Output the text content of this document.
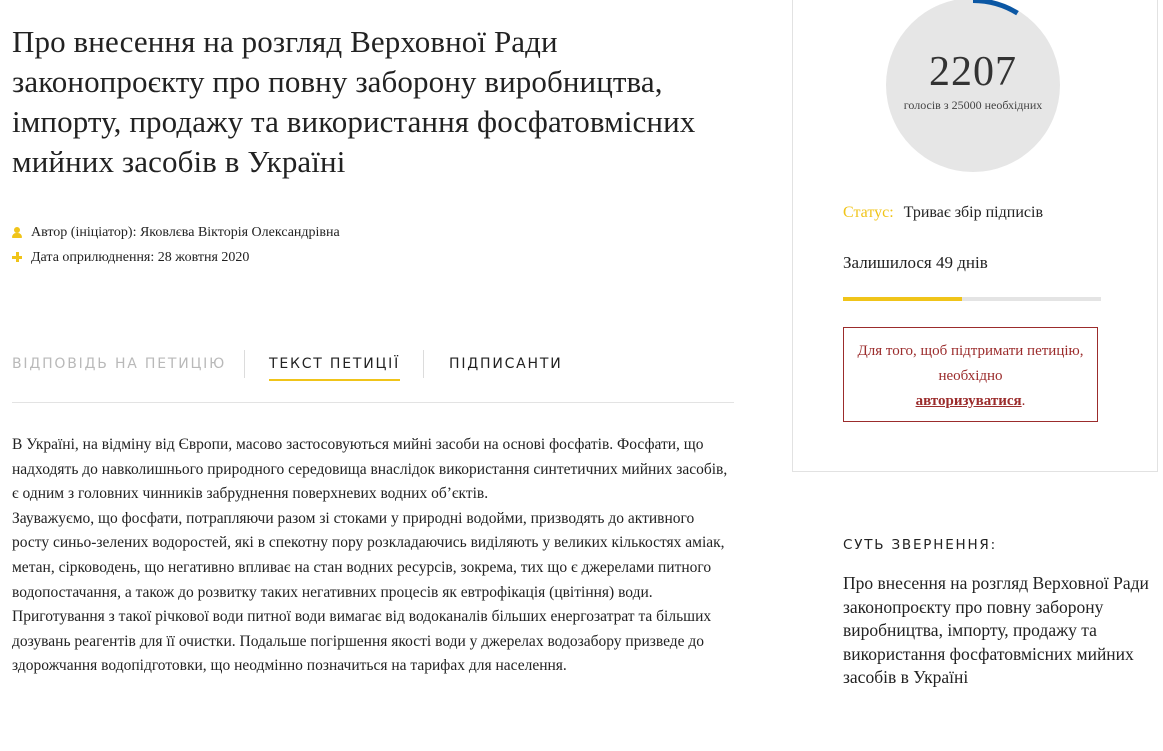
Про внесення на розгляд Верховної Ради законопроєкту про повну заборону виробництва, імпорту, продажу та використання фосфатовмісних мийних засобів в Україні
Автор (ініціатор): Яковлєва Вікторія Олександрівна
Дата оприлюднення: 28 жовтня 2020
ВІДПОВІДЬ НА ПЕТИЦІЮ	ТЕКСТ ПЕТИЦІЇ	ПІДПИСАНТИ

В Україні, на відміну від Європи, масово застосовуються мийні засоби на основі фосфатів. Фосфати, що надходять до навколишнього природного середовища внаслідок використання синтетичних мийних засобів, є одним з головних чинників забруднення поверхневих водних об’єктів.

Зауважуємо, що фосфати, потрапляючи разом зі стоками у природні водойми, призводять до активного росту синьо-зелених водоростей, які в спекотну пору розкладаючись виділяють у великих кількостях аміак, метан, сірководень, що негативно впливає на стан водних ресурсів, зокрема, тих що є джерелами питного водопостачання, а також до розвитку таких негативних процесів як евтрофікація (цвітіння) води.

Приготування з такої річкової води питної води вимагає від водоканалів більших енергозатрат та більших дозувань реагентів для її очистки. Подальше погіршення якості води у джерелах водозабору призведе до здорожчання водопідготовки, що неодмінно позначиться на тарифах для населення.

2207
голосів з 25000 необхідних
Статус: Триває збір підписів
Залишилося 49 днів
Для того, щоб підтримати петицію, необхідно
авторизуватися.
СУТЬ ЗВЕРНЕННЯ:
Про внесення на розгляд Верховної Ради законопроєкту про повну заборону виробництва, імпорту, продажу та використання фосфатовмісних мийних засобів в Україні
